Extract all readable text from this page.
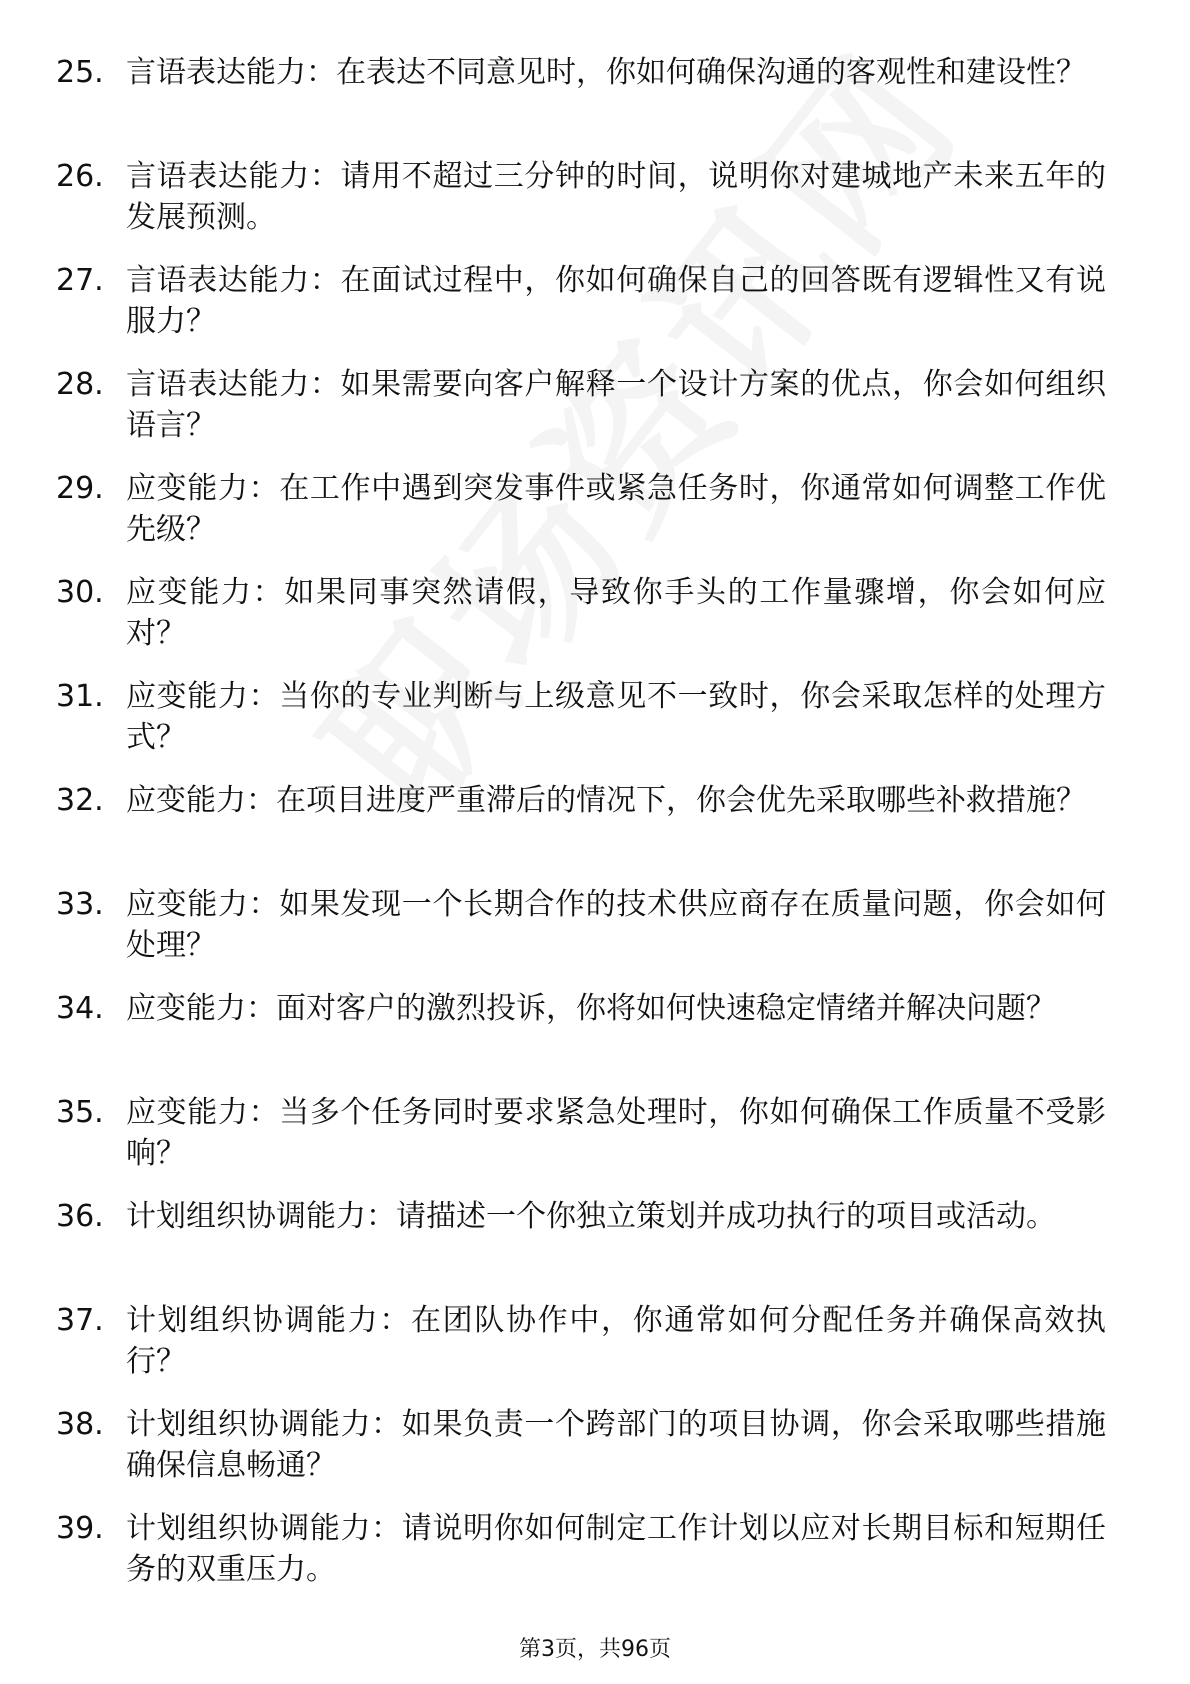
25. 言语表达能力：在表达不同意见时，你如何确保沟通的客观性和建设性？
26. 言语表达能力：请用不超过三分钟的时间，说明你对建城地产未来五年的发展预测。
27. 言语表达能力：在面试过程中，你如何确保自己的回答既有逻辑性又有说服力？
28. 言语表达能力：如果需要向客户解释一个设计方案的优点，你会如何组织语言？
29. 应变能力：在工作中遇到突发事件或紧急任务时，你通常如何调整工作优先级？
30. 应变能力：如果同事突然请假，导致你手头的工作量骤增，你会如何应对？
31. 应变能力：当你的专业判断与上级意见不一致时，你会采取怎样的处理方式？
32. 应变能力：在项目进度严重滞后的情况下，你会优先采取哪些补救措施？
33. 应变能力：如果发现一个长期合作的技术供应商存在质量问题，你会如何处理？
34. 应变能力：面对客户的激烈投诉，你将如何快速稳定情绪并解决问题？
35. 应变能力：当多个任务同时要求紧急处理时，你如何确保工作质量不受影响？
36. 计划组织协调能力：请描述一个你独立策划并成功执行的项目或活动。
37. 计划组织协调能力：在团队协作中，你通常如何分配任务并确保高效执行？
38. 计划组织协调能力：如果负责一个跨部门的项目协调，你会采取哪些措施确保信息畅通？
39. 计划组织协调能力：请说明你如何制定工作计划以应对长期目标和短期任务的双重压力。
第3页，共96页
